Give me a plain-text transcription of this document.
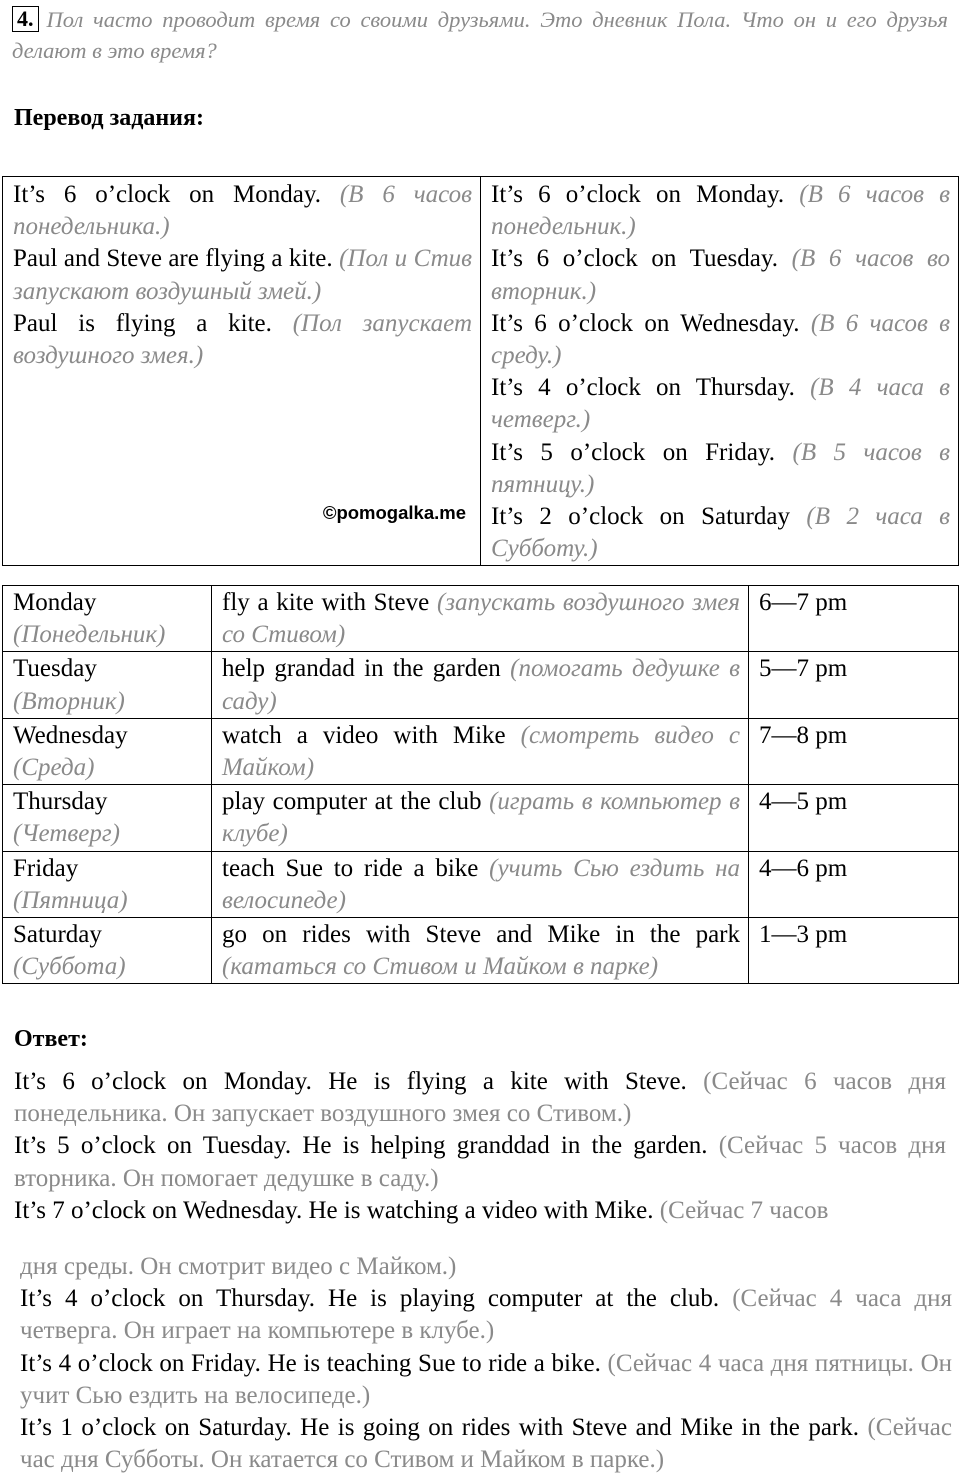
4. Пол часто проводит время со своими друзьями. Это дневник Пола. Что он и его друзья делают в это время?
Перевод задания:
It’s 6 o’clock on Monday. (В 6 часов понедельника.)
Paul and Steve are flying a kite. (Пол и Стив запускают воздушный змей.)
Paul is flying a kite. (Пол запускает воздушного змея.)
©pomogalka.me

It’s 6 o’clock on Monday. (В 6 часов в понедельник.)
It’s 6 o’clock on Tuesday. (В 6 часов во вторник.)
It’s 6 o’clock on Wednesday. (В 6 часов в среду.)
It’s 4 o’clock on Thursday. (В 4 часа в четверг.)
It’s 5 o’clock on Friday. (В 5 часов в пятницу.)
It’s 2 o’clock on Saturday (В 2 часа в Субботу.)
Monday
(Понедельник)	fly a kite with Steve (запускать воздушного змея со Стивом)	6—7 pm
Tuesday
(Вторник)	help grandad in the garden (помогать дедушке в саду)	5—7 pm
Wednesday
(Среда)	watch a video with Mike (смотреть видео с Майком)	7—8 pm
Thursday
(Четверг)	play computer at the club (играть в компьютер в клубе)	4—5 pm
Friday
(Пятница)	teach Sue to ride a bike (учить Сью ездить на велосипеде)	4—6 pm
Saturday
(Суббота)	go on rides with Steve and Mike in the park (кататься со Стивом и Майком в парке)	1—3 pm
Ответ:

It’s 6 o’clock on Monday. He is flying a kite with Steve. (Сейчас 6 часов дня понедельника. Он запускает воздушного змея со Стивом.)

It’s 5 o’clock on Tuesday. He is helping granddad in the garden. (Сейчас 5 часов дня вторника. Он помогает дедушке в саду.)

It’s 7 o’clock on Wednesday. He is watching a video with Mike. (Сейчас 7 часов

дня среды. Он смотрит видео с Майком.)

It’s 4 o’clock on Thursday. He is playing computer at the club. (Сейчас 4 часа дня четверга. Он играет на компьютере в клубе.)

It’s 4 o’clock on Friday. He is teaching Sue to ride a bike. (Сейчас 4 часа дня пятницы. Он учит Сью ездить на велосипеде.)

It’s 1 o’clock on Saturday. He is going on rides with Steve and Mike in the park. (Сейчас час дня Субботы. Он катается со Стивом и Майком в парке.)
